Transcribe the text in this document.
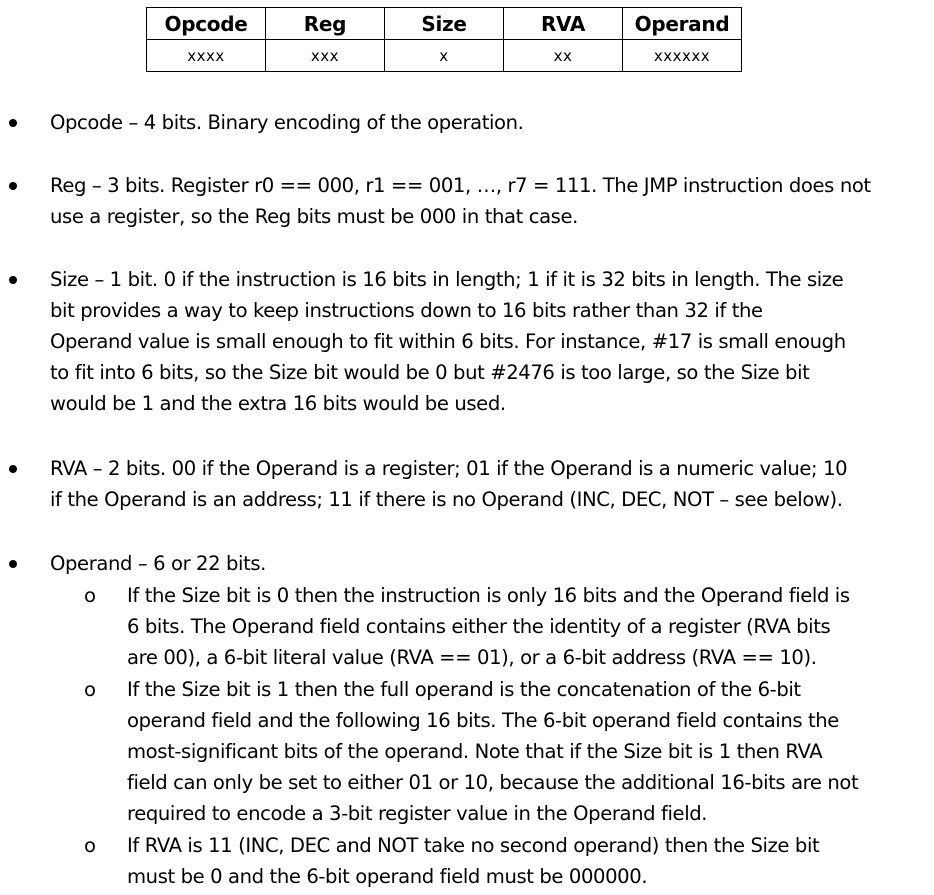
Opcode	Reg	Size	RVA	Operand
xxxx	xxx	x	xx	xxxxxx
Opcode – 4 bits. Binary encoding of the operation.
Reg – 3 bits. Register r0 == 000, r1 == 001, …, r7 = 111. The JMP instruction does not
use a register, so the Reg bits must be 000 in that case.
Size – 1 bit. 0 if the instruction is 16 bits in length; 1 if it is 32 bits in length. The size
bit provides a way to keep instructions down to 16 bits rather than 32 if the
Operand value is small enough to fit within 6 bits. For instance, #17 is small enough
to fit into 6 bits, so the Size bit would be 0 but #2476 is too large, so the Size bit
would be 1 and the extra 16 bits would be used.
RVA – 2 bits. 00 if the Operand is a register; 01 if the Operand is a numeric value; 10
if the Operand is an address; 11 if there is no Operand (INC, DEC, NOT – see below).
Operand – 6 or 22 bits.
o If the Size bit is 0 then the instruction is only 16 bits and the Operand field is
6 bits. The Operand field contains either the identity of a register (RVA bits
are 00), a 6-bit literal value (RVA == 01), or a 6-bit address (RVA == 10).
o If the Size bit is 1 then the full operand is the concatenation of the 6-bit
operand field and the following 16 bits. The 6-bit operand field contains the
most-significant bits of the operand. Note that if the Size bit is 1 then RVA
field can only be set to either 01 or 10, because the additional 16-bits are not
required to encode a 3-bit register value in the Operand field.
o If RVA is 11 (INC, DEC and NOT take no second operand) then the Size bit
must be 0 and the 6-bit operand field must be 000000.
